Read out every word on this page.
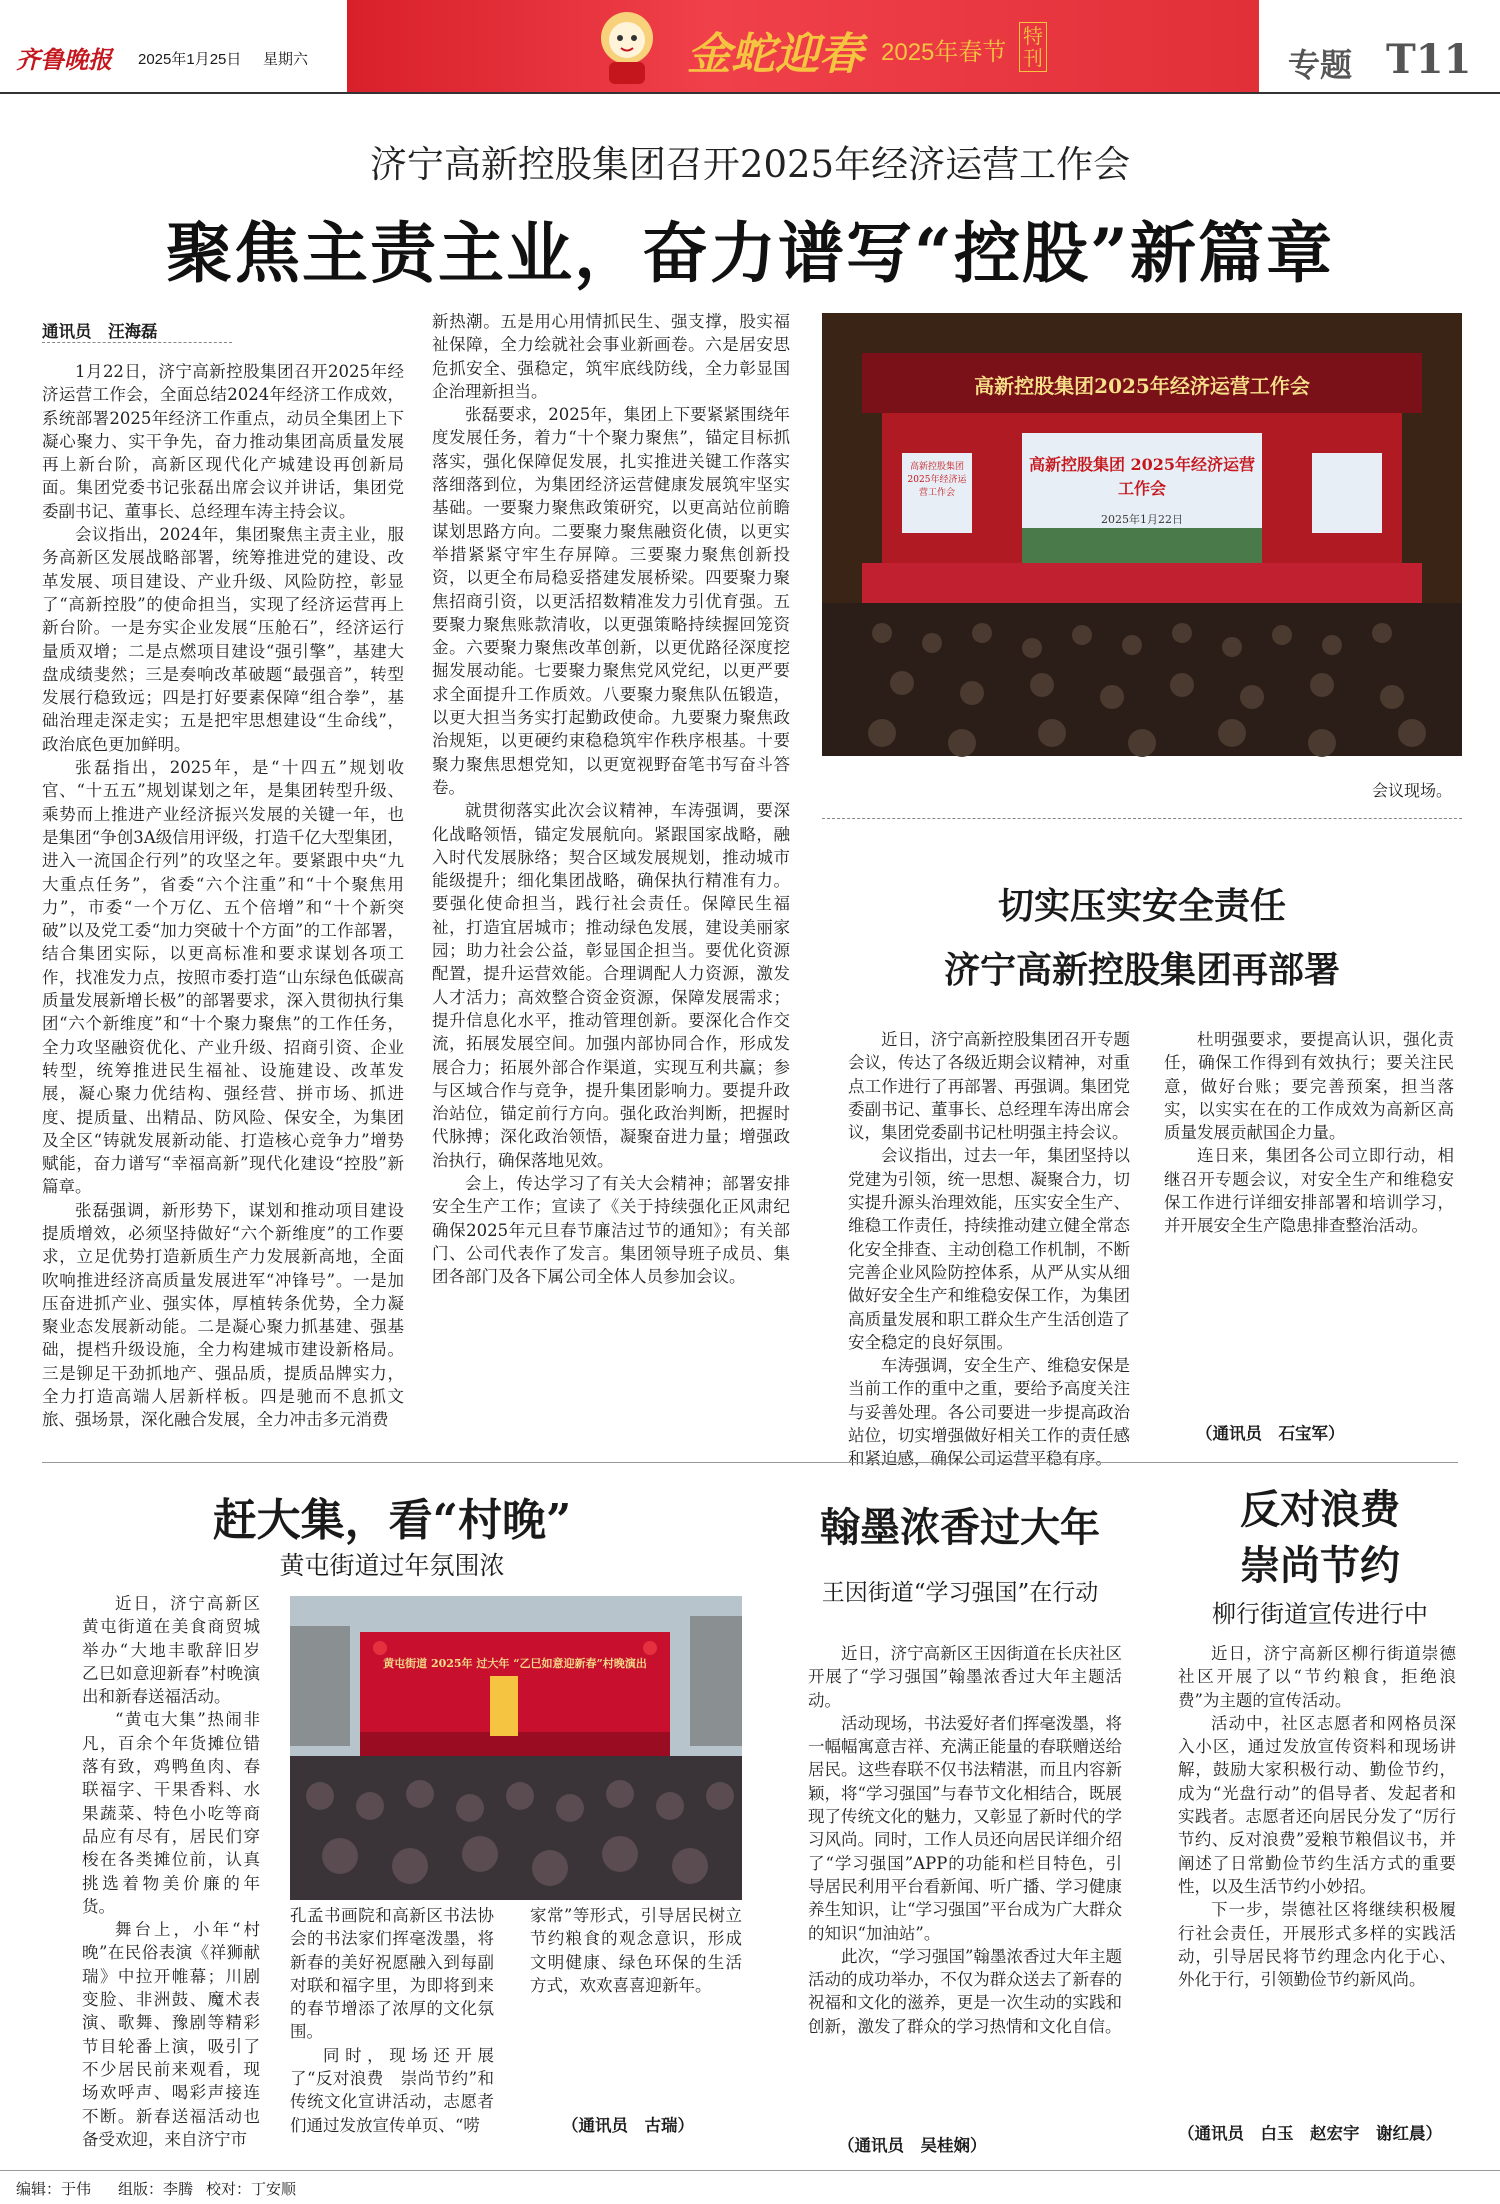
齐鲁晚报 2025年1月25日 星期六	金蛇迎春 2025年春节
特刊	专题 T11
济宁高新控股集团召开2025年经济运营工作会
聚焦主责主业，奋力谱写“控股”新篇章
通讯员　汪海磊

1月22日，济宁高新控股集团召开2025年经济运营工作会，全面总结2024年经济工作成效，系统部署2025年经济工作重点，动员全集团上下凝心聚力、实干争先，奋力推动集团高质量发展再上新台阶，高新区现代化产城建设再创新局面。集团党委书记张磊出席会议并讲话，集团党委副书记、董事长、总经理车涛主持会议。

会议指出，2024年，集团聚焦主责主业，服务高新区发展战略部署，统筹推进党的建设、改革发展、项目建设、产业升级、风险防控，彰显了“高新控股”的使命担当，实现了经济运营再上新台阶。一是夯实企业发展“压舱石”，经济运行量质双增；二是点燃项目建设“强引擎”，基建大盘成绩斐然；三是奏响改革破题“最强音”，转型发展行稳致远；四是打好要素保障“组合拳”，基础治理走深走实；五是把牢思想建设“生命线”，政治底色更加鲜明。

张磊指出，2025年，是“十四五”规划收官、“十五五”规划谋划之年，是集团转型升级、乘势而上推进产业经济振兴发展的关键一年，也是集团“争创3A级信用评级，打造千亿大型集团，进入一流国企行列”的攻坚之年。要紧跟中央“九大重点任务”，省委“六个注重”和“十个聚焦用力”，市委“一个万亿、五个倍增”和“十个新突破”以及党工委“加力突破十个方面”的工作部署，结合集团实际，以更高标准和要求谋划各项工作，找准发力点，按照市委打造“山东绿色低碳高质量发展新增长极”的部署要求，深入贯彻执行集团“六个新维度”和“十个聚力聚焦”的工作任务，全力攻坚融资优化、产业升级、招商引资、企业转型，统筹推进民生福祉、设施建设、改革发展，凝心聚力优结构、强经营、拼市场、抓进度、提质量、出精品、防风险、保安全，为集团及全区“铸就发展新动能、打造核心竞争力”增势赋能，奋力谱写“幸福高新”现代化建设“控股”新篇章。

张磊强调，新形势下，谋划和推动项目建设提质增效，必须坚持做好“六个新维度”的工作要求，立足优势打造新质生产力发展新高地，全面吹响推进经济高质量发展进军“冲锋号”。一是加压奋进抓产业、强实体，厚植转条优势，全力凝聚业态发展新动能。二是凝心聚力抓基建、强基础，提档升级设施，全力构建城市建设新格局。三是铆足干劲抓地产、强品质，提质品牌实力，全力打造高端人居新样板。四是驰而不息抓文旅、强场景，深化融合发展，全力冲击多元消费

新热潮。五是用心用情抓民生、强支撑，股实福祉保障，全力绘就社会事业新画卷。六是居安思危抓安全、强稳定，筑牢底线防线，全力彰显国企治理新担当。

张磊要求，2025年，集团上下要紧紧围绕年度发展任务，着力“十个聚力聚焦”，锚定目标抓落实，强化保障促发展，扎实推进关键工作落实落细落到位，为集团经济运营健康发展筑牢坚实基础。一要聚力聚焦政策研究，以更高站位前瞻谋划思路方向。二要聚力聚焦融资化债，以更实举措紧紧守牢生存屏障。三要聚力聚焦创新投资，以更全布局稳妥搭建发展桥梁。四要聚力聚焦招商引资，以更活招数精准发力引优育强。五要聚力聚焦账款清收，以更强策略持续握回笼资金。六要聚力聚焦改革创新，以更优路径深度挖掘发展动能。七要聚力聚焦党风党纪，以更严要求全面提升工作质效。八要聚力聚焦队伍锻造，以更大担当务实打起勤政使命。九要聚力聚焦政治规矩，以更硬约束稳稳筑牢作秩序根基。十要聚力聚焦思想党知，以更宽视野奋笔书写奋斗答卷。

就贯彻落实此次会议精神，车涛强调，要深化战略领悟，锚定发展航向。紧跟国家战略，融入时代发展脉络；契合区域发展规划，推动城市能级提升；细化集团战略，确保执行精准有力。要强化使命担当，践行社会责任。保障民生福祉，打造宜居城市；推动绿色发展，建设美丽家园；助力社会公益，彰显国企担当。要优化资源配置，提升运营效能。合理调配人力资源，激发人才活力；高效整合资金资源，保障发展需求；提升信息化水平，推动管理创新。要深化合作交流，拓展发展空间。加强内部协同合作，形成发展合力；拓展外部合作渠道，实现互利共赢；参与区域合作与竞争，提升集团影响力。要提升政治站位，锚定前行方向。强化政治判断，把握时代脉搏；深化政治领悟，凝聚奋进力量；增强政治执行，确保落地见效。

会上，传达学习了有关大会精神；部署安排安全生产工作；宣读了《关于持续强化正风肃纪确保2025年元旦春节廉洁过节的通知》；有关部门、公司代表作了发言。集团领导班子成员、集团各部门及各下属公司全体人员参加会议。

高新控股集团2025年经济运营工作会
高新控股集团 2025年经济运营工作会
2025年1月22日
高新控股集团 2025年经济运营工作会
会议现场。
切实压实安全责任
济宁高新控股集团再部署

近日，济宁高新控股集团召开专题会议，传达了各级近期会议精神，对重点工作进行了再部署、再强调。集团党委副书记、董事长、总经理车涛出席会议，集团党委副书记杜明强主持会议。

会议指出，过去一年，集团坚持以党建为引领，统一思想、凝聚合力，切实提升源头治理效能，压实安全生产、维稳工作责任，持续推动建立健全常态化安全排查、主动创稳工作机制，不断完善企业风险防控体系，从严从实从细做好安全生产和维稳安保工作，为集团高质量发展和职工群众生产生活创造了安全稳定的良好氛围。

车涛强调，安全生产、维稳安保是当前工作的重中之重，要给予高度关注与妥善处理。各公司要进一步提高政治站位，切实增强做好相关工作的责任感和紧迫感，确保公司运营平稳有序。

杜明强要求，要提高认识，强化责任，确保工作得到有效执行；要关注民意，做好台账；要完善预案，担当落实，以实实在在的工作成效为高新区高质量发展贡献国企力量。

连日来，集团各公司立即行动，相继召开专题会议，对安全生产和维稳安保工作进行详细安排部署和培训学习，并开展安全生产隐患排查整治活动。

（通讯员　石宝军）
赶大集，看“村晚”
黄屯街道过年氛围浓

近日，济宁高新区黄屯街道在美食商贸城举办“大地丰歌辞旧岁　乙巳如意迎新春”村晚演出和新春送福活动。

“黄屯大集”热闹非凡，百余个年货摊位错落有致，鸡鸭鱼肉、春联福字、干果香料、水果蔬菜、特色小吃等商品应有尽有，居民们穿梭在各类摊位前，认真挑选着物美价廉的年货。

舞台上，小年“村晚”在民俗表演《祥狮献瑞》中拉开帷幕；川剧变脸、非洲鼓、魔术表演、歌舞、豫剧等精彩节目轮番上演，吸引了不少居民前来观看，现场欢呼声、喝彩声接连不断。新春送福活动也备受欢迎，来自济宁市

黄屯街道 2025年 过大年 “乙巳如意迎新春”村晚演出

孔孟书画院和高新区书法协会的书法家们挥毫泼墨，将新春的美好祝愿融入到每副对联和福字里，为即将到来的春节增添了浓厚的文化氛围。

同时，现场还开展了“反对浪费　崇尚节约”和传统文化宣讲活动，志愿者们通过发放宣传单页、“唠

家常”等形式，引导居民树立节约粮食的观念意识，形成文明健康、绿色环保的生活方式，欢欢喜喜迎新年。

（通讯员　古瑞）
翰墨浓香过大年
王因街道“学习强国”在行动

近日，济宁高新区王因街道在长庆社区开展了“学习强国”翰墨浓香过大年主题活动。

活动现场，书法爱好者们挥毫泼墨，将一幅幅寓意吉祥、充满正能量的春联赠送给居民。这些春联不仅书法精湛，而且内容新颖，将“学习强国”与春节文化相结合，既展现了传统文化的魅力，又彰显了新时代的学习风尚。同时，工作人员还向居民详细介绍了“学习强国”APP的功能和栏目特色，引导居民利用平台看新闻、听广播、学习健康养生知识，让“学习强国”平台成为广大群众的知识“加油站”。

此次，“学习强国”翰墨浓香过大年主题活动的成功举办，不仅为群众送去了新春的祝福和文化的滋养，更是一次生动的实践和创新，激发了群众的学习热情和文化自信。

（通讯员　吴桂娴）
反对浪费
崇尚节约
柳行街道宣传进行中

近日，济宁高新区柳行街道崇德社区开展了以“节约粮食，拒绝浪费”为主题的宣传活动。

活动中，社区志愿者和网格员深入小区，通过发放宣传资料和现场讲解，鼓励大家积极行动、勤俭节约，成为“光盘行动”的倡导者、发起者和实践者。志愿者还向居民分发了“厉行节约、反对浪费”爱粮节粮倡议书，并阐述了日常勤俭节约生活方式的重要性，以及生活节约小妙招。

下一步，崇德社区将继续积极履行社会责任，开展形式多样的实践活动，引导居民将节约理念内化于心、外化于行，引领勤俭节约新风尚。

（通讯员　白玉　赵宏宇　谢红晨）
编辑：于伟 组版：李腾 校对：丁安顺
